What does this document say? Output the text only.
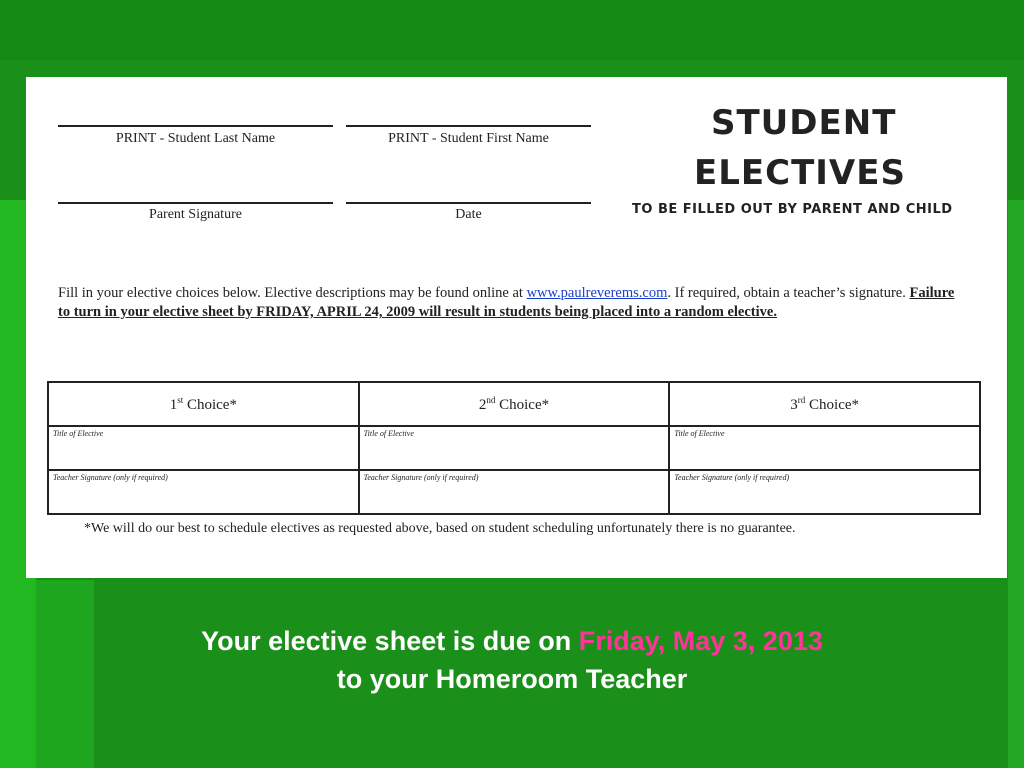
PRINT - Student Last Name	PRINT - Student First Name
Parent Signature	Date
STUDENT
ELECTIVES
TO BE FILLED OUT BY PARENT AND CHILD
Fill in your elective choices below. Elective descriptions may be found online at www.paulreverems.com. If required, obtain a teacher’s signature. Failure to turn in your elective sheet by FRIDAY, APRIL 24, 2009 will result in students being placed into a random elective.
1st Choice*	2nd Choice*	3rd Choice*
Title of Elective	Title of Elective	Title of Elective
Teacher Signature (only if required)	Teacher Signature (only if required)	Teacher Signature (only if required)
*We will do our best to schedule electives as requested above, based on student scheduling unfortunately there is no guarantee.
Your elective sheet is due on Friday, May 3, 2013
to your Homeroom Teacher
